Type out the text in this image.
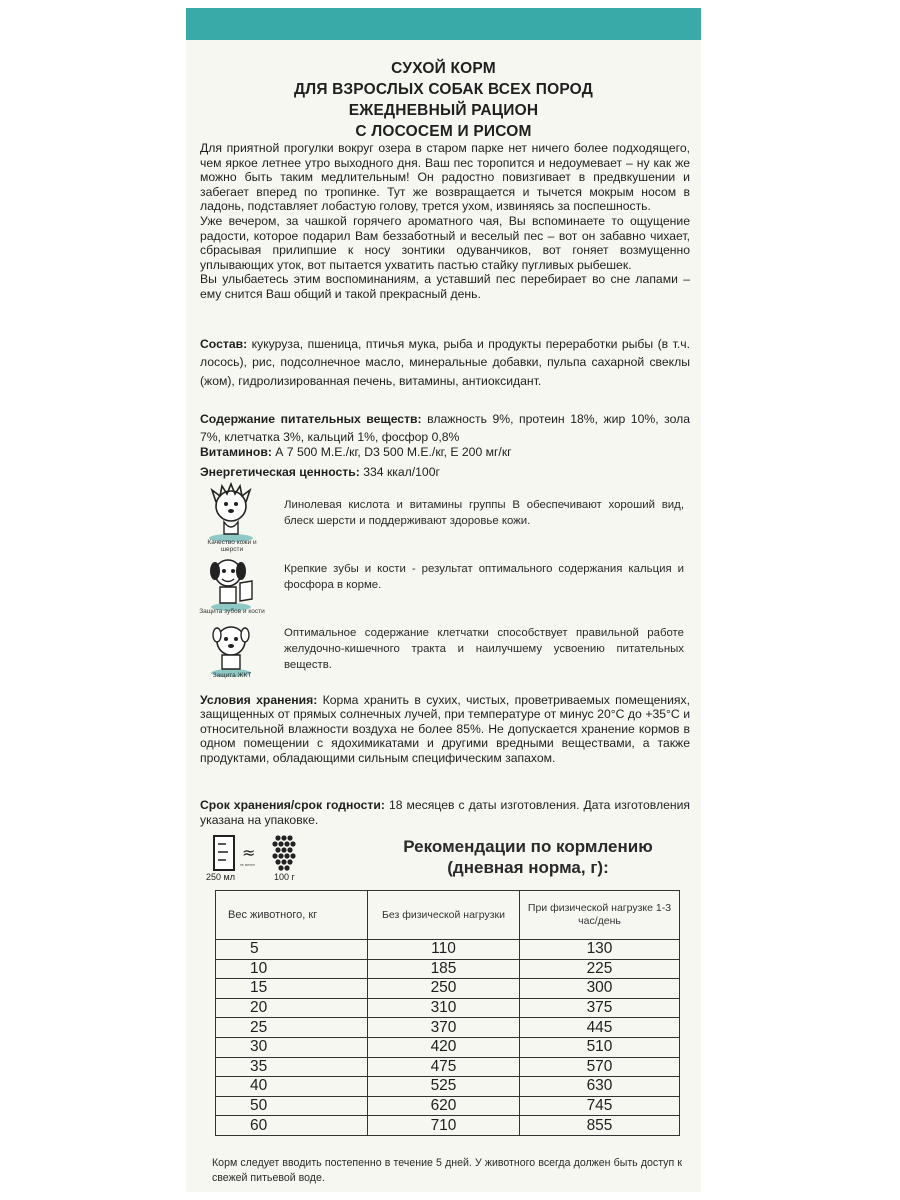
СУХОЙ КОРМ
ДЛЯ ВЗРОСЛЫХ СОБАК ВСЕХ ПОРОД
ЕЖЕДНЕВНЫЙ РАЦИОН
С ЛОСОСЕМ И РИСОМ

Для приятной прогулки вокруг озера в старом парке нет ничего более подходящего, чем яркое летнее утро выходного дня. Ваш пес торопится и недоумевает – ну как же можно быть таким медлительным! Он радостно повизгивает в предвкушении и забегает вперед по тропинке. Тут же возвращается и тычется мокрым носом в ладонь, подставляет лобастую голову, трется ухом, извиняясь за поспешность.

Уже вечером, за чашкой горячего ароматного чая, Вы вспоминаете то ощущение радости, которое подарил Вам беззаботный и веселый пес – вот он забавно чихает, сбрасывая прилипшие к носу зонтики одуванчиков, вот гоняет возмущенно уплывающих уток, вот пытается ухватить пастью стайку пугливых рыбешек.

Вы улыбаетесь этим воспоминаниям, а уставший пес перебирает во сне лапами – ему снится Ваш общий и такой прекрасный день.

Состав: кукуруза, пшеница, птичья мука, рыба и продукты переработки рыбы (в т.ч. лосось), рис, подсолнечное масло, минеральные добавки, пульпа сахарной свеклы (жом), гидролизированная печень, витамины, антиоксидант.
Содержание питательных веществ: влажность 9%, протеин 18%, жир 10%, зола 7%, клетчатка 3%, кальций 1%, фосфор 0,8%
Витаминов: А 7 500 М.Е./кг, D3 500 М.Е./кг, Е 200 мг/кг
Энергетическая ценность: 334 ккал/100г
Качество кожи и шерсти
Линолевая кислота и витамины группы В обеспечивают хороший вид, блеск шерсти и поддерживают здоровье кожи.
Защита зубов и кости
Крепкие зубы и кости - результат оптимального содержания кальция и фосфора в корме.
Защита ЖКТ
Оптимальное содержание клетчатки способствует правильной работе желудочно-кишечного тракта и наилучшему усвоению питательных веществ.
Условия хранения: Корма хранить в сухих, чистых, проветриваемых помещениях, защищенных от прямых солнечных лучей, при температуре от минус 20°С до +35°С и относительной влажности воздуха не более 85%. Не допускается хранение кормов в одном помещении с ядохимикатами и другими вредными веществами, а также продуктами, обладающими сильным специфическим запахом.
Срок хранения/срок годности: 18 месяцев с даты изготовления. Дата изготовления указана на упаковке.
250 мл
≈
не менее
100 г
Рекомендации по кормлению
(дневная норма, г):
Вес животного, кг	Без физической нагрузки	При физической нагрузке 1-3 час/день
5	110	130
10	185	225
15	250	300
20	310	375
25	370	445
30	420	510
35	475	570
40	525	630
50	620	745
60	710	855
Корм следует вводить постепенно в течение 5 дней. У животного всегда должен быть доступ к свежей питьевой воде.
